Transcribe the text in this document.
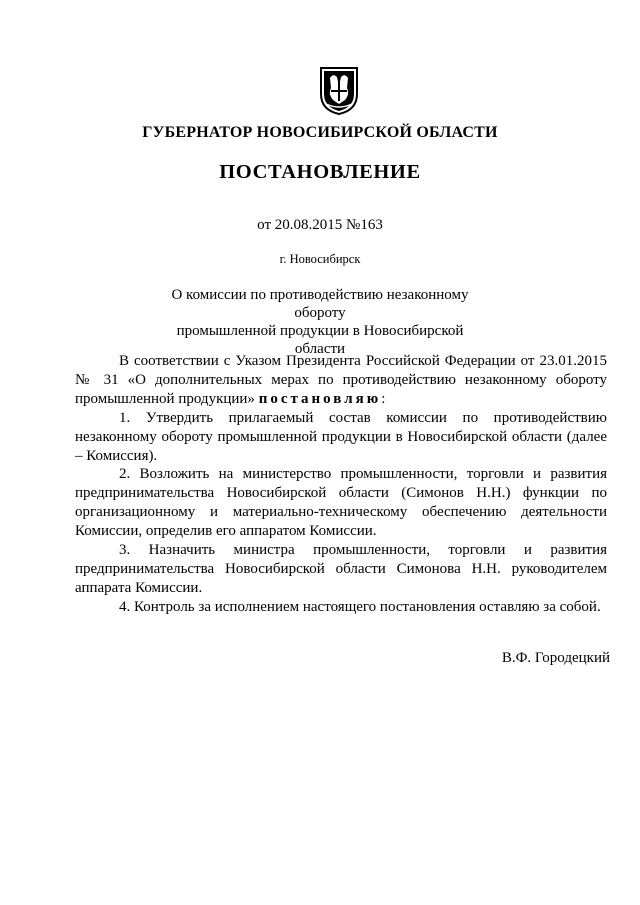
ГУБЕРНАТОР НОВОСИБИРСКОЙ ОБЛАСТИ
ПОСТАНОВЛЕНИЕ
от 20.08.2015 №163
г. Новосибирск
О комиссии по противодействию незаконному обороту
промышленной продукции в Новосибирской области

В соответствии с Указом Президента Российской Федерации от 23.01.2015 № 31 «О дополнительных мерах по противодействию незаконному обороту промышленной продукции» постановляю:

1. Утвердить прилагаемый состав комиссии по противодействию незаконному обороту промышленной продукции в Новосибирской области (далее – Комиссия).

2. Возложить на министерство промышленности, торговли и развития предпринимательства Новосибирской области (Симонов Н.Н.) функции по организационному и материально-техническому обеспечению деятельности Комиссии, определив его аппаратом Комиссии.

3. Назначить министра промышленности, торговли и развития предпринимательства Новосибирской области Симонова Н.Н. руководителем аппарата Комиссии.

4. Контроль за исполнением настоящего постановления оставляю за собой.

В.Ф. Городецкий
